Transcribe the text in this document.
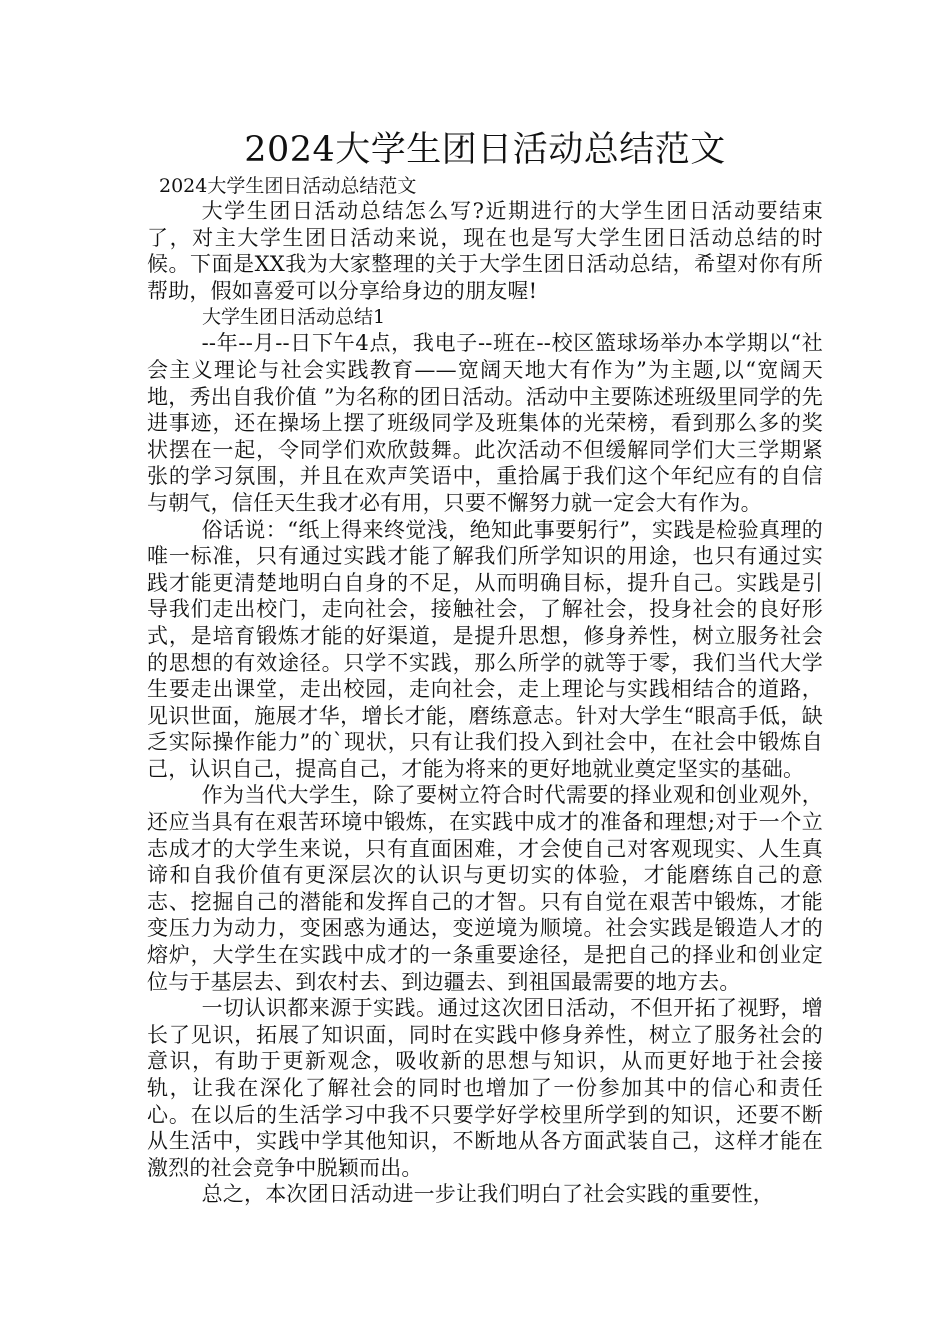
2024大学生团日活动总结范文

2024大学生团日活动总结范文

大学生团日活动总结怎么写?近期进行的大学生团日活动要结束了，对主大学生团日活动来说，现在也是写大学生团日活动总结的时候。下面是XX我为大家整理的关于大学生团日活动总结，希望对你有所帮助，假如喜爱可以分享给身边的朋友喔!

大学生团日活动总结1

--年--月--日下午4点，我电子--班在--校区篮球场举办本学期以“社会主义理论与社会实践教育——宽阔天地大有作为”为主题,以“宽阔天地，秀出自我价值 ”为名称的团日活动。活动中主要陈述班级里同学的先进事迹，还在操场上摆了班级同学及班集体的光荣榜，看到那么多的奖状摆在一起，令同学们欢欣鼓舞。此次活动不但缓解同学们大三学期紧张的学习氛围，并且在欢声笑语中，重拾属于我们这个年纪应有的自信与朝气，信任天生我才必有用，只要不懈努力就一定会大有作为。

俗话说：“纸上得来终觉浅，绝知此事要躬行”，实践是检验真理的唯一标准，只有通过实践才能了解我们所学知识的用途，也只有通过实践才能更清楚地明白自身的不足，从而明确目标，提升自己。实践是引导我们走出校门，走向社会，接触社会，了解社会，投身社会的良好形式，是培育锻炼才能的好渠道，是提升思想，修身养性，树立服务社会的思想的有效途径。只学不实践，那么所学的就等于零，我们当代大学生要走出课堂，走出校园，走向社会，走上理论与实践相结合的道路，见识世面，施展才华，增长才能，磨练意志。针对大学生“眼高手低，缺乏实际操作能力”的`现状，只有让我们投入到社会中，在社会中锻炼自己，认识自己，提高自己，才能为将来的更好地就业奠定坚实的基础。

作为当代大学生，除了要树立符合时代需要的择业观和创业观外，还应当具有在艰苦环境中锻炼，在实践中成才的准备和理想;对于一个立志成才的大学生来说，只有直面困难，才会使自己对客观现实、人生真谛和自我价值有更深层次的认识与更切实的体验，才能磨练自己的意志、挖掘自己的潜能和发挥自己的才智。只有自觉在艰苦中锻炼，才能变压力为动力，变困惑为通达，变逆境为顺境。社会实践是锻造人才的熔炉，大学生在实践中成才的一条重要途径，是把自己的择业和创业定位与于基层去、到农村去、到边疆去、到祖国最需要的地方去。

一切认识都来源于实践。通过这次团日活动，不但开拓了视野，增长了见识，拓展了知识面，同时在实践中修身养性，树立了服务社会的意识，有助于更新观念，吸收新的思想与知识，从而更好地于社会接轨，让我在深化了解社会的同时也增加了一份参加其中的信心和责任心。在以后的生活学习中我不只要学好学校里所学到的知识，还要不断从生活中，实践中学其他知识，不断地从各方面武装自己，这样才能在激烈的社会竞争中脱颖而出。

总之，本次团日活动进一步让我们明白了社会实践的重要性，
